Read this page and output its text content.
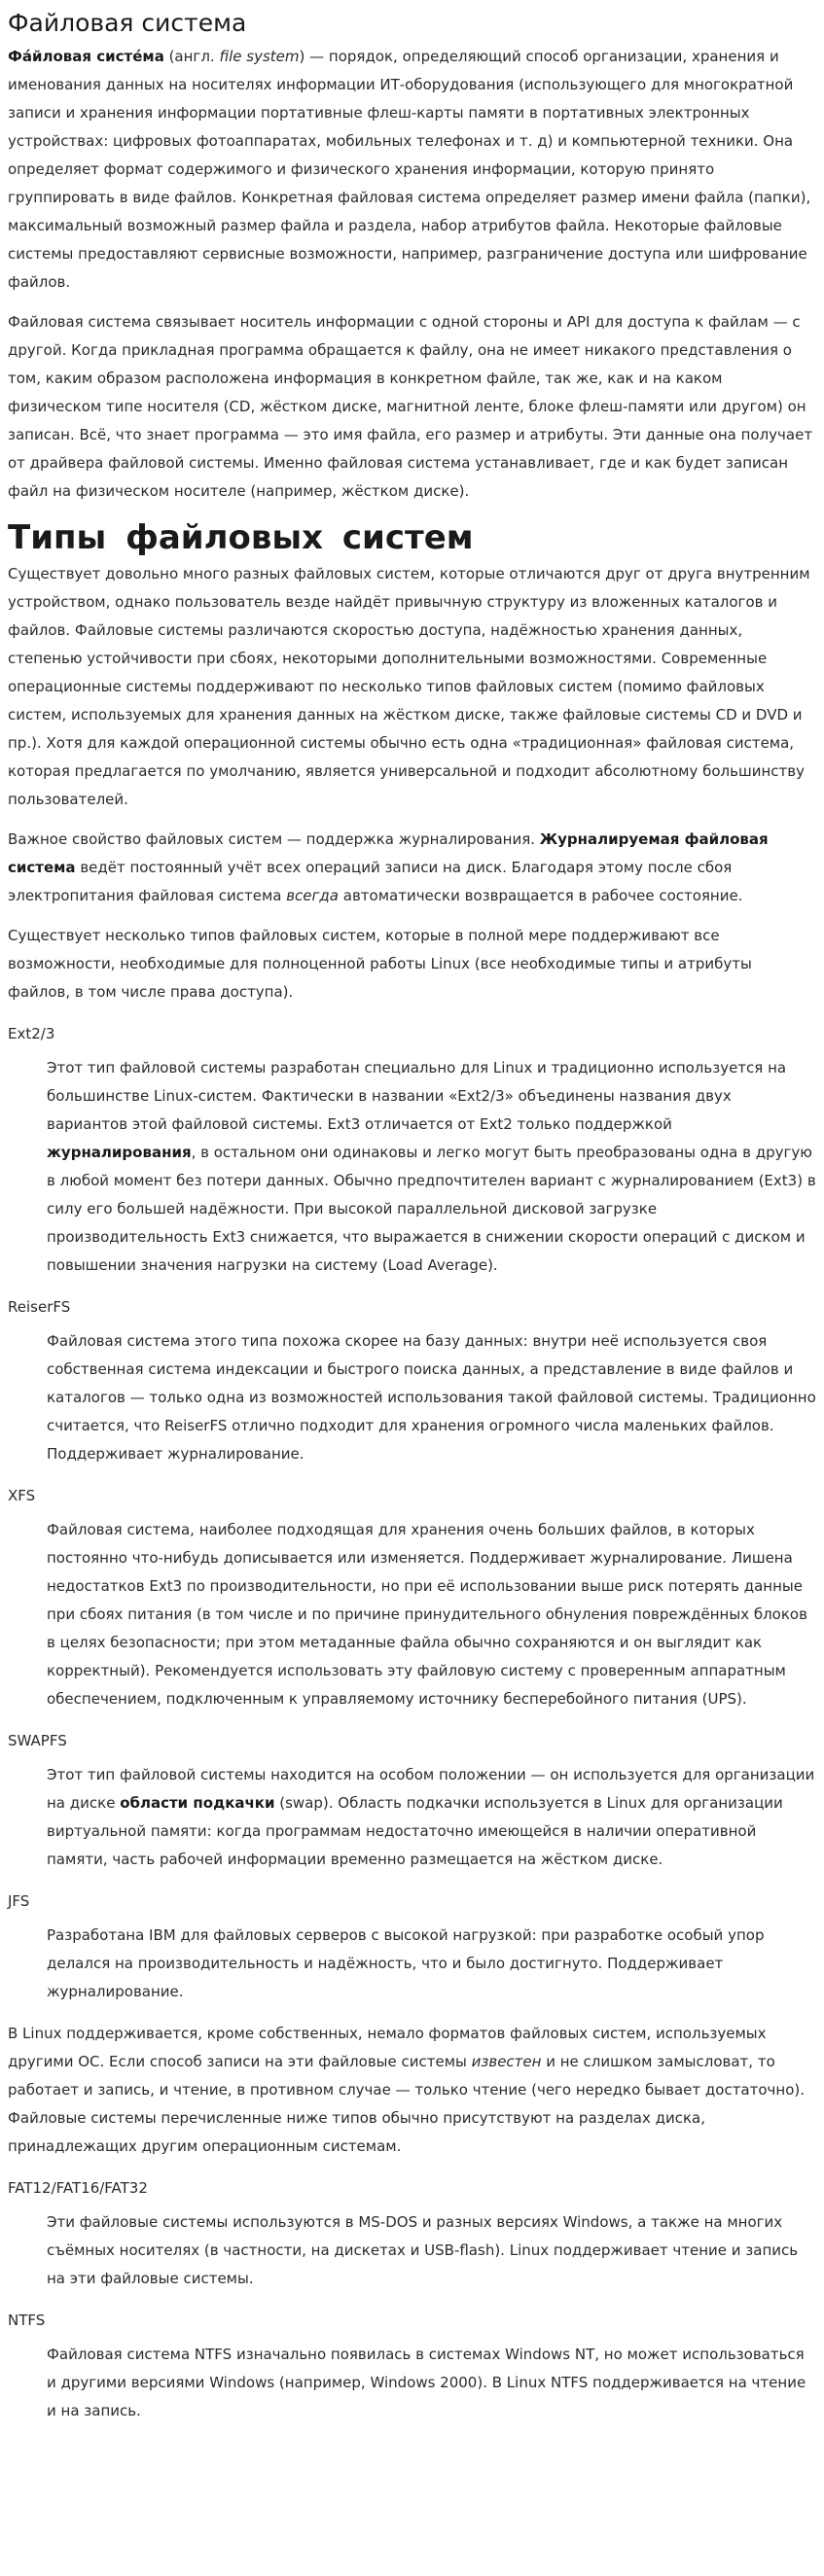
Файловая система

Фа́йловая систе́ма (англ. file system) — порядок, определяющий способ организации, хранения и именования данных на носителях информации ИТ-оборудования (использующего для многократной записи и хранения информации портативные флеш-карты памяти в портативных электронных устройствах: цифровых фотоаппаратах, мобильных телефонах и т. д) и компьютерной техники. Она определяет формат содержимого и физического хранения информации, которую принято группировать в виде файлов. Конкретная файловая система определяет размер имени файла (папки), максимальный возможный размер файла и раздела, набор атрибутов файла. Некоторые файловые системы предоставляют сервисные возможности, например, разграничение доступа или шифрование файлов.

Файловая система связывает носитель информации с одной стороны и API для доступа к файлам — с другой. Когда прикладная программа обращается к файлу, она не имеет никакого представления о том, каким образом расположена информация в конкретном файле, так же, как и на каком физическом типе носителя (CD, жёстком диске, магнитной ленте, блоке флеш-памяти или другом) он записан. Всё, что знает программа — это имя файла, его размер и атрибуты. Эти данные она получает от драйвера файловой системы. Именно файловая система устанавливает, где и как будет записан файл на физическом носителе (например, жёстком диске).

Типы файловых систем

Существует довольно много разных файловых систем, которые отличаются друг от друга внутренним устройством, однако пользователь везде найдёт привычную структуру из вложенных каталогов и файлов. Файловые системы различаются скоростью доступа, надёжностью хранения данных, степенью устойчивости при сбоях, некоторыми дополнительными возможностями. Современные операционные системы поддерживают по несколько типов файловых систем (помимо файловых систем, используемых для хранения данных на жёстком диске, также файловые системы CD и DVD и пр.). Хотя для каждой операционной системы обычно есть одна «традиционная» файловая система, которая предлагается по умолчанию, является универсальной и подходит абсолютному большинству пользователей.

Важное свойство файловых систем — поддержка журналирования. Журналируемая файловая система ведёт постоянный учёт всех операций записи на диск. Благодаря этому после сбоя электропитания файловая система всегда автоматически возвращается в рабочее состояние.

Существует несколько типов файловых систем, которые в полной мере поддерживают все возможности, необходимые для полноценной работы Linux (все необходимые типы и атрибуты файлов, в том числе права доступа).

Ext2/3
Этот тип файловой системы разработан специально для Linux и традиционно используется на большинстве Linux-систем. Фактически в названии «Ext2/3» объединены названия двух вариантов этой файловой системы. Ext3 отличается от Ext2 только поддержкой журналирования, в остальном они одинаковы и легко могут быть преобразованы одна в другую в любой момент без потери данных. Обычно предпочтителен вариант с журналированием (Ext3) в силу его большей надёжности. При высокой параллельной дисковой загрузке производительность Ext3 снижается, что выражается в снижении скорости операций с диском и повышении значения нагрузки на систему (Load Average).
ReiserFS
Файловая система этого типа похожа скорее на базу данных: внутри неё используется своя собственная система индексации и быстрого поиска данных, а представление в виде файлов и каталогов — только одна из возможностей использования такой файловой системы. Традиционно считается, что ReiserFS отлично подходит для хранения огромного числа маленьких файлов. Поддерживает журналирование.
XFS
Файловая система, наиболее подходящая для хранения очень больших файлов, в которых постоянно что-нибудь дописывается или изменяется. Поддерживает журналирование. Лишена недостатков Ext3 по производительности, но при её использовании выше риск потерять данные при сбоях питания (в том числе и по причине принудительного обнуления повреждённых блоков в целях безопасности; при этом метаданные файла обычно сохраняются и он выглядит как корректный). Рекомендуется использовать эту файловую систему с проверенным аппаратным обеспечением, подключенным к управляемому источнику бесперебойного питания (UPS).
SWAPFS
Этот тип файловой системы находится на особом положении — он используется для организации на диске области подкачки (swap). Область подкачки используется в Linux для организации виртуальной памяти: когда программам недостаточно имеющейся в наличии оперативной памяти, часть рабочей информации временно размещается на жёстком диске.
JFS
Разработана IBM для файловых серверов с высокой нагрузкой: при разработке особый упор делался на производительность и надёжность, что и было достигнуто. Поддерживает журналирование.

В Linux поддерживается, кроме собственных, немало форматов файловых систем, используемых другими ОС. Если способ записи на эти файловые системы известен и не слишком замысловат, то работает и запись, и чтение, в противном случае — только чтение (чего нередко бывает достаточно). Файловые системы перечисленные ниже типов обычно присутствуют на разделах диска, принадлежащих другим операционным системам.

FAT12/FAT16/FAT32
Эти файловые системы используются в MS-DOS и разных версиях Windows, а также на многих съёмных носителях (в частности, на дискетах и USB-flash). Linux поддерживает чтение и запись на эти файловые системы.
NTFS
Файловая система NTFS изначально появилась в системах Windows NT, но может использоваться и другими версиями Windows (например, Windows 2000). В Linux NTFS поддерживается на чтение и на запись.
